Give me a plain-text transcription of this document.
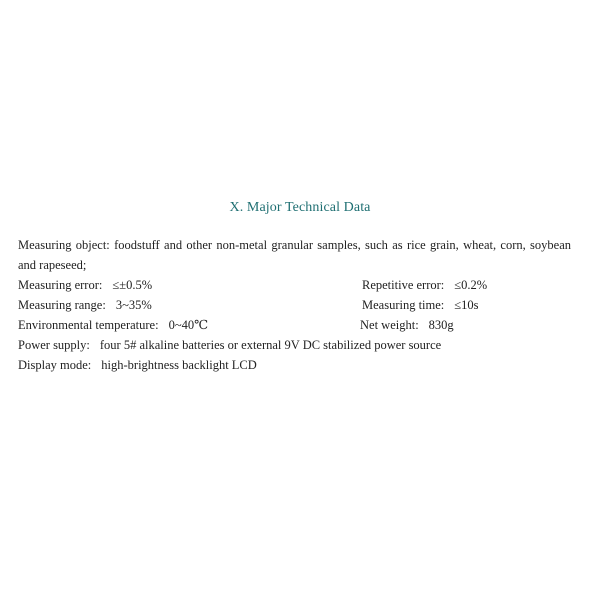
X. Major Technical Data
Measuring object: foodstuff and other non-metal granular samples, such as rice grain, wheat, corn, soybean and rapeseed;
Measuring error: ≤±0.5%	Repetitive error: ≤0.2%
Measuring range: 3~35%	Measuring time: ≤10s
Environmental temperature: 0~40℃	Net weight: 830g
Power supply: four 5# alkaline batteries or external 9V DC stabilized power source
Display mode: high-brightness backlight LCD
